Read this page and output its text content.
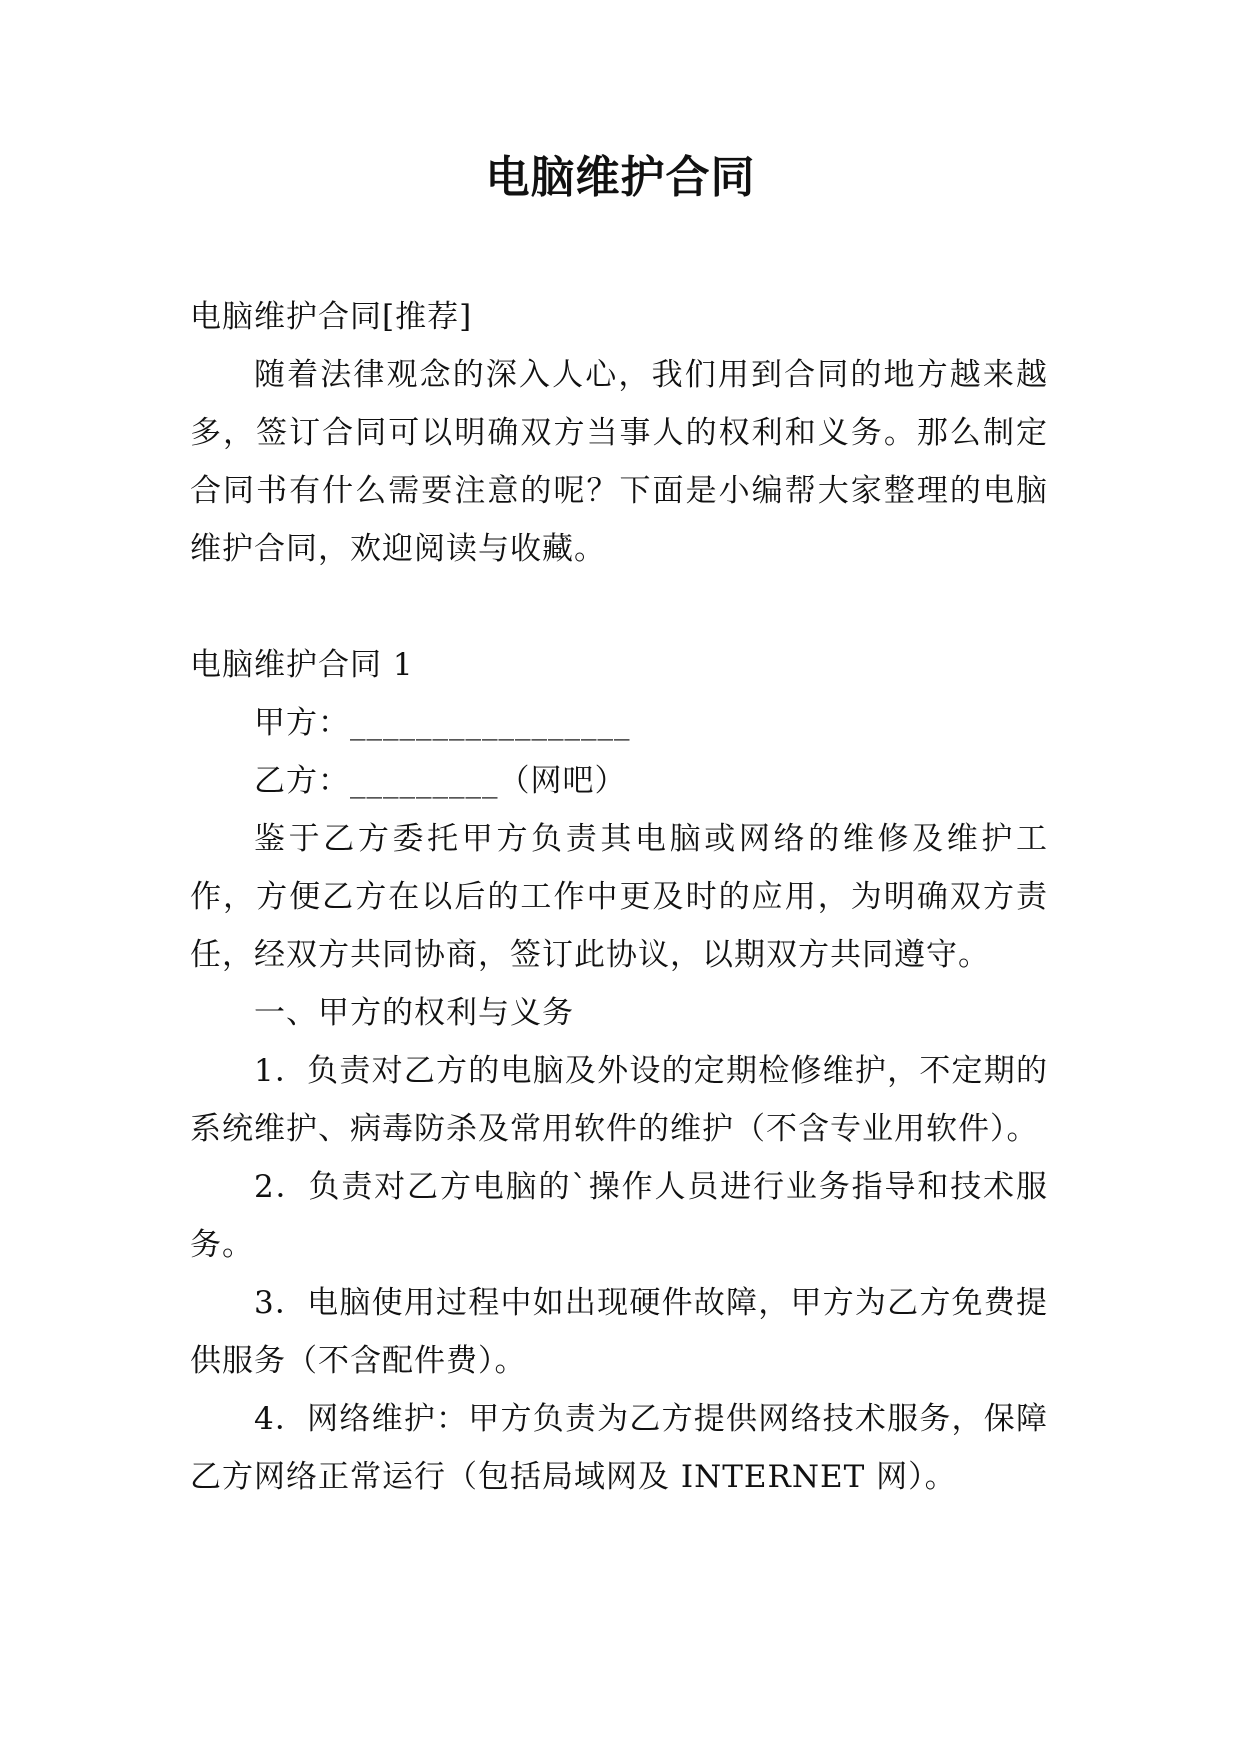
电脑维护合同

电脑维护合同[推荐]

随着法律观念的深入人心，我们用到合同的地方越来越多，签订合同可以明确双方当事人的权利和义务。那么制定合同书有什么需要注意的呢？下面是小编帮大家整理的电脑维护合同，欢迎阅读与收藏。

电脑维护合同 1

甲方：_________________

乙方：_________（网吧）

鉴于乙方委托甲方负责其电脑或网络的维修及维护工作，方便乙方在以后的工作中更及时的应用，为明确双方责任，经双方共同协商，签订此协议，以期双方共同遵守。

一、甲方的权利与义务

1．负责对乙方的电脑及外设的定期检修维护，不定期的系统维护、病毒防杀及常用软件的维护（不含专业用软件）。

2．负责对乙方电脑的`操作人员进行业务指导和技术服务。

3．电脑使用过程中如出现硬件故障，甲方为乙方免费提供服务（不含配件费）。

4．网络维护：甲方负责为乙方提供网络技术服务，保障乙方网络正常运行（包括局域网及 INTERNET 网）。
